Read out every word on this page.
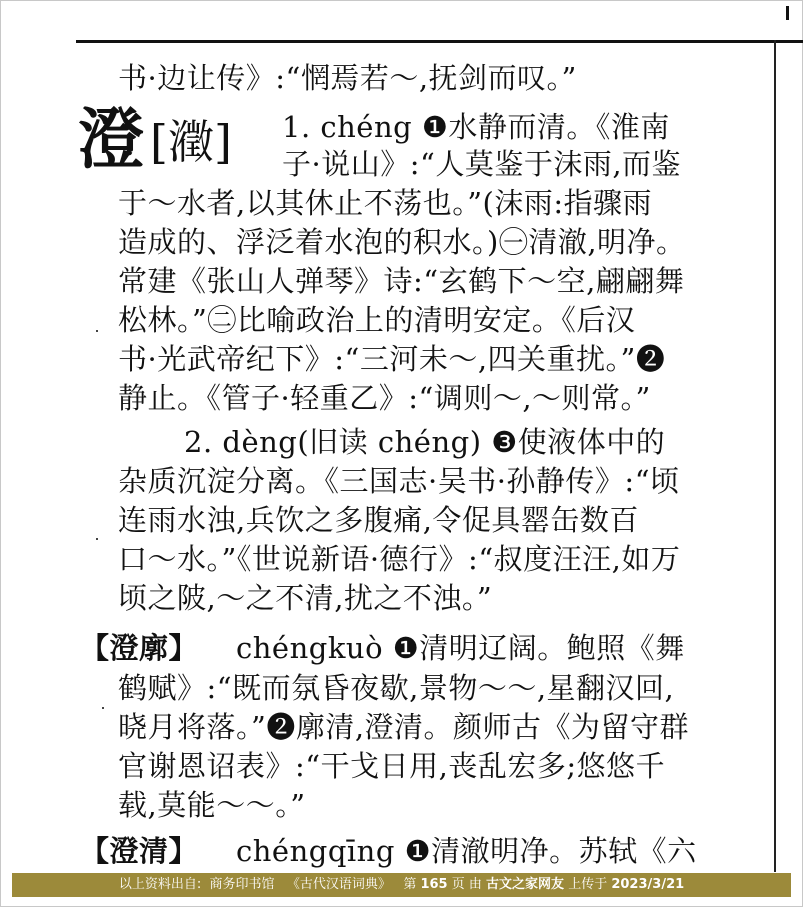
书·边让传》:“惘焉若～,抚剑而叹。”
澄 [瀓] 1. chéng ❶水静而清。《淮南
子·说山》:“人莫鉴于沫雨,而鉴
于～水者,以其休止不荡也。”(沫雨:指骤雨
造成的、浮泛着水泡的积水。)㊀清澈,明净。
常建《张山人弹琴》诗:“玄鹤下～空,翩翩舞
松林。”㊁比喻政治上的清明安定。《后汉
书·光武帝纪下》:“三河未～,四关重扰。”❷
静止。《管子·轻重乙》:“调则～,～则常。”
2. dèng(旧读 chéng) ❸使液体中的
杂质沉淀分离。《三国志·吴书·孙静传》:“顷
连雨水浊,兵饮之多腹痛,令促具罂缶数百
口～水。”《世说新语·德行》:“叔度汪汪,如万
顷之陂,～之不清,扰之不浊。”
【澄廓】 chéngkuò ❶清明辽阔。鲍照《舞
鹤赋》:“既而氛昏夜歇,景物～～,星翻汉回,
晓月将落。”❷廓清,澄清。颜师古《为留守群
官谢恩诏表》:“干戈日用,丧乱宏多;悠悠千
载,莫能～～。”
【澄清】 chéngqīng ❶清澈明净。苏轼《六
以上资料出自: 商务印书馆 《古代汉语词典》 第 165 页 由 古文之家网友 上传于 2023/3/21
